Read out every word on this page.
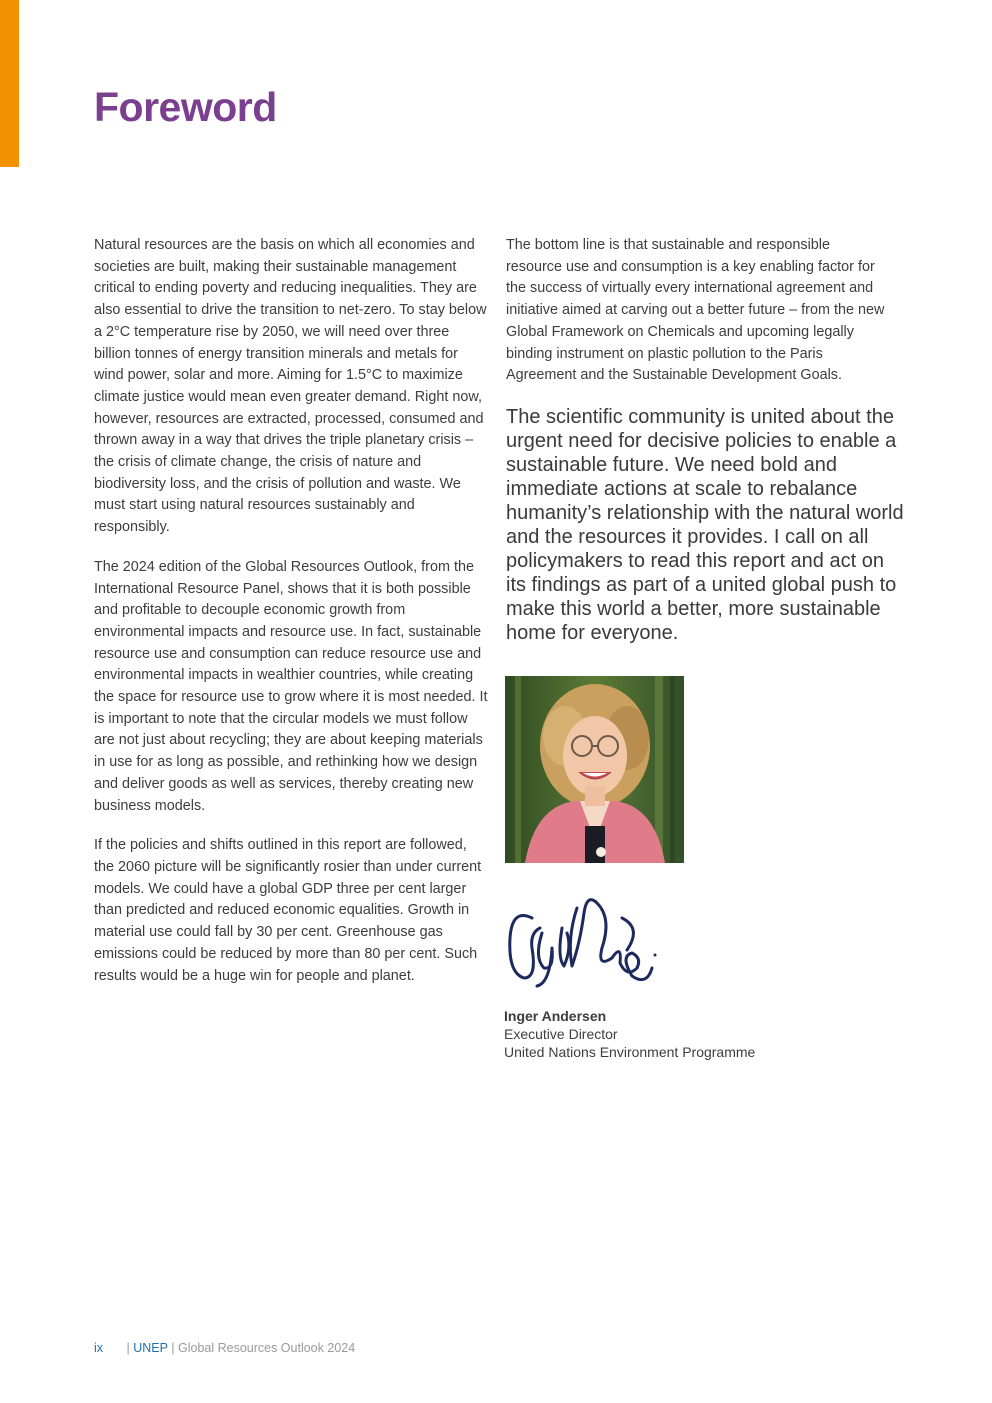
Foreword

Natural resources are the basis on which all economies and societies are built, making their sustainable management critical to ending poverty and reducing inequalities. They are also essential to drive the transition to net-zero. To stay below a 2°C temperature rise by 2050, we will need over three billion tonnes of energy transition minerals and metals for wind power, solar and more. Aiming for 1.5°C to maximize climate justice would mean even greater demand. Right now, however, resources are extracted, processed, consumed and thrown away in a way that drives the triple planetary crisis – the crisis of climate change, the crisis of nature and biodiversity loss, and the crisis of pollution and waste. We must start using natural resources sustainably and responsibly.

The 2024 edition of the Global Resources Outlook, from the International Resource Panel, shows that it is both possible and profitable to decouple economic growth from environmental impacts and resource use. In fact, sustainable resource use and consumption can reduce resource use and environmental impacts in wealthier countries, while creating the space for resource use to grow where it is most needed. It is important to note that the circular models we must follow are not just about recycling; they are about keeping materials in use for as long as possible, and rethinking how we design and deliver goods as well as services, thereby creating new business models.

If the policies and shifts outlined in this report are followed, the 2060 picture will be significantly rosier than under current models. We could have a global GDP three per cent larger than predicted and reduced economic equalities. Growth in material use could fall by 30 per cent. Greenhouse gas emissions could be reduced by more than 80 per cent. Such results would be a huge win for people and planet.

The bottom line is that sustainable and responsible resource use and consumption is a key enabling factor for the success of virtually every international agreement and initiative aimed at carving out a better future – from the new Global Framework on Chemicals and upcoming legally binding instrument on plastic pollution to the Paris Agreement and the Sustainable Development Goals.

The scientific community is united about the urgent need for decisive policies to enable a sustainable future. We need bold and immediate actions at scale to rebalance humanity’s relationship with the natural world and the resources it provides. I call on all policymakers to read this report and act on its findings as part of a united global push to make this world a better, more sustainable home for everyone.

Inger Andersen
Executive Director
United Nations Environment Programme
ix | UNEP | Global Resources Outlook 2024
